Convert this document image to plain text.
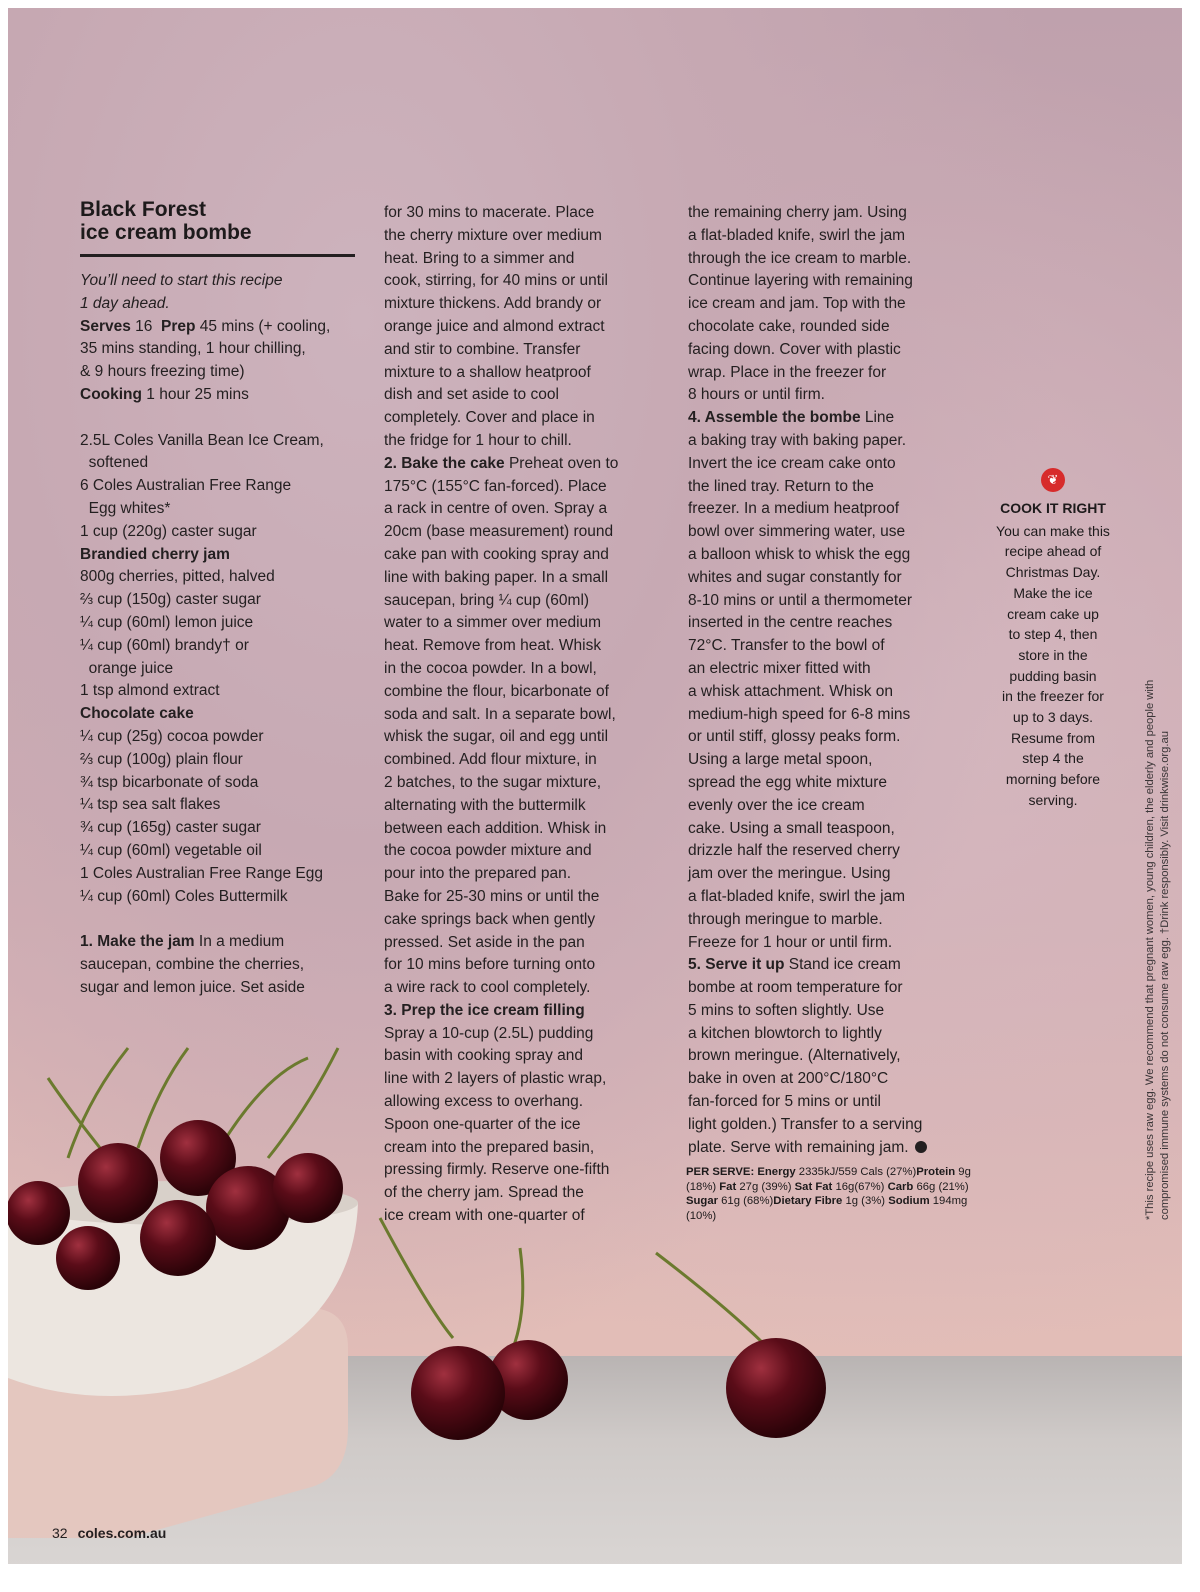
Black Forest
ice cream bombe
You’ll need to start this recipe
1 day ahead.
Serves 16  Prep 45 mins (+ cooling,
35 mins standing, 1 hour chilling,
& 9 hours freezing time)
Cooking 1 hour 25 mins
2.5L Coles Vanilla Bean Ice Cream,
softened
6 Coles Australian Free Range
Egg whites*
1 cup (220g) caster sugar
Brandied cherry jam
800g cherries, pitted, halved
⅔ cup (150g) caster sugar
¼ cup (60ml) lemon juice
¼ cup (60ml) brandy† or
orange juice
1 tsp almond extract
Chocolate cake
¼ cup (25g) cocoa powder
⅔ cup (100g) plain flour
¾ tsp bicarbonate of soda
¼ tsp sea salt flakes
¾ cup (165g) caster sugar
¼ cup (60ml) vegetable oil
1 Coles Australian Free Range Egg
¼ cup (60ml) Coles Buttermilk
1. Make the jam In a medium
saucepan, combine the cherries,
sugar and lemon juice. Set aside
for 30 mins to macerate. Place
the cherry mixture over medium
heat. Bring to a simmer and
cook, stirring, for 40 mins or until
mixture thickens. Add brandy or
orange juice and almond extract
and stir to combine. Transfer
mixture to a shallow heatproof
dish and set aside to cool
completely. Cover and place in
the fridge for 1 hour to chill.
2. Bake the cake Preheat oven to
175°C (155°C fan-forced). Place
a rack in centre of oven. Spray a
20cm (base measurement) round
cake pan with cooking spray and
line with baking paper. In a small
saucepan, bring ¼ cup (60ml)
water to a simmer over medium
heat. Remove from heat. Whisk
in the cocoa powder. In a bowl,
combine the flour, bicarbonate of
soda and salt. In a separate bowl,
whisk the sugar, oil and egg until
combined. Add flour mixture, in
2 batches, to the sugar mixture,
alternating with the buttermilk
between each addition. Whisk in
the cocoa powder mixture and
pour into the prepared pan.
Bake for 25-30 mins or until the
cake springs back when gently
pressed. Set aside in the pan
for 10 mins before turning onto
a wire rack to cool completely.
3. Prep the ice cream filling
Spray a 10-cup (2.5L) pudding
basin with cooking spray and
line with 2 layers of plastic wrap,
allowing excess to overhang.
Spoon one-quarter of the ice
cream into the prepared basin,
pressing firmly. Reserve one-fifth
of the cherry jam. Spread the
ice cream with one-quarter of
the remaining cherry jam. Using
a flat-bladed knife, swirl the jam
through the ice cream to marble.
Continue layering with remaining
ice cream and jam. Top with the
chocolate cake, rounded side
facing down. Cover with plastic
wrap. Place in the freezer for
8 hours or until firm.
4. Assemble the bombe Line
a baking tray with baking paper.
Invert the ice cream cake onto
the lined tray. Return to the
freezer. In a medium heatproof
bowl over simmering water, use
a balloon whisk to whisk the egg
whites and sugar constantly for
8-10 mins or until a thermometer
inserted in the centre reaches
72°C. Transfer to the bowl of
an electric mixer fitted with
a whisk attachment. Whisk on
medium-high speed for 6-8 mins
or until stiff, glossy peaks form.
Using a large metal spoon,
spread the egg white mixture
evenly over the ice cream
cake. Using a small teaspoon,
drizzle half the reserved cherry
jam over the meringue. Using
a flat-bladed knife, swirl the jam
through meringue to marble.
Freeze for 1 hour or until firm.
5. Serve it up Stand ice cream
bombe at room temperature for
5 mins to soften slightly. Use
a kitchen blowtorch to lightly
brown meringue. (Alternatively,
bake in oven at 200°C/180°C
fan-forced for 5 mins or until
light golden.) Transfer to a serving
plate. Serve with remaining jam.
PER SERVE: Energy 2335kJ/559 Cals (27%)Protein 9g (18%) Fat 27g (39%) Sat Fat 16g(67%) Carb 66g (21%) Sugar 61g (68%)Dietary Fibre 1g (3%) Sodium 194mg (10%)
❦
COOK IT RIGHT
You can make this
recipe ahead of
Christmas Day.
Make the ice
cream cake up
to step 4, then
store in the
pudding basin
in the freezer for
up to 3 days.
Resume from
step 4 the
morning before
serving.	*This recipe uses raw egg. We recommend that pregnant women, young children, the elderly and people with compromised immune systems do not consume raw egg. †Drink responsibly. Visit drinkwise.org.au
32 coles.com.au
